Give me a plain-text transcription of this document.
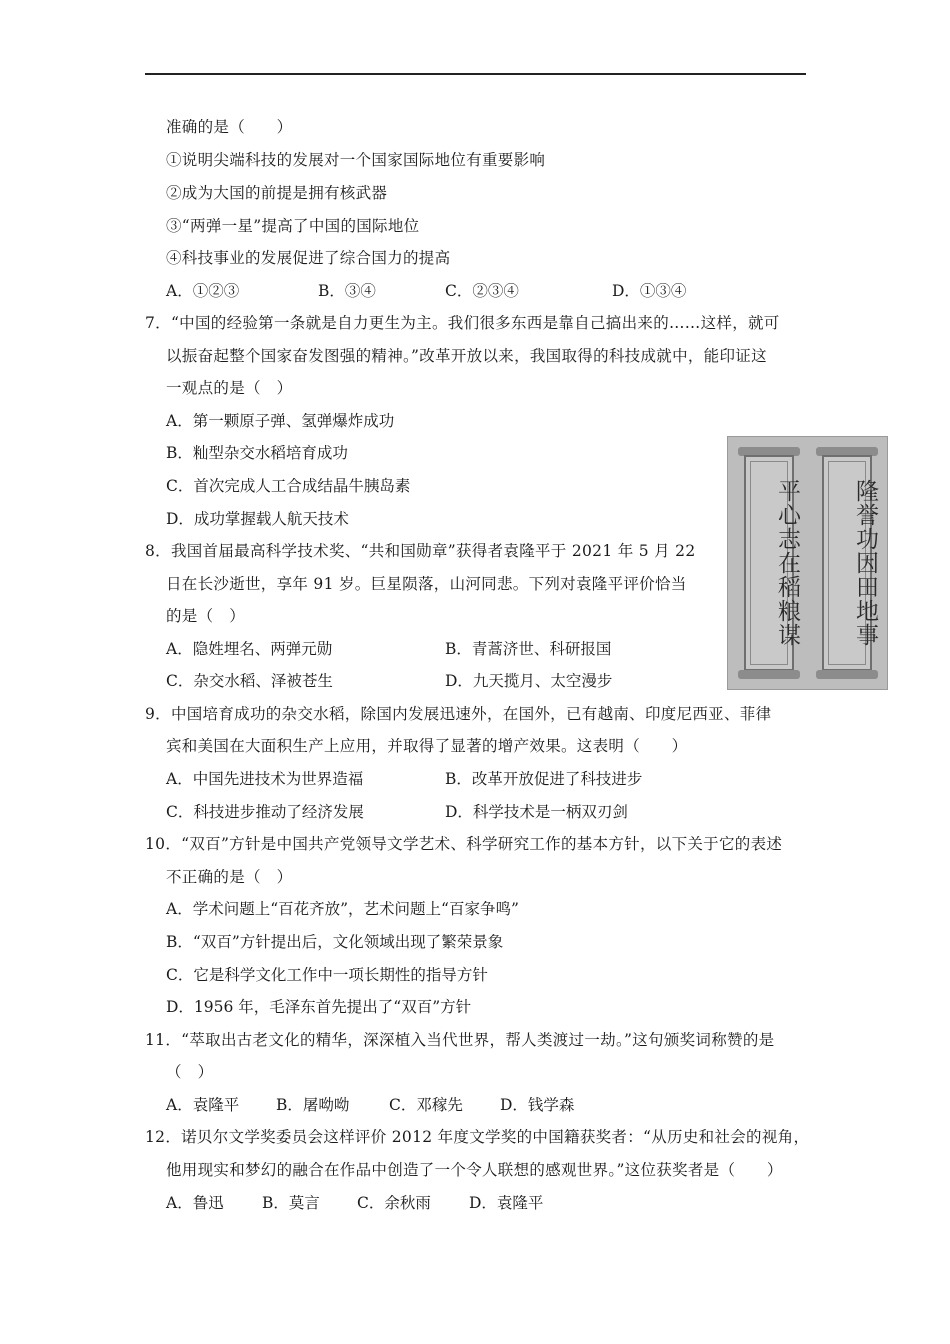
准确的是（　　）
①说明尖端科技的发展对一个国家国际地位有重要影响
②成为大国的前提是拥有核武器
③“两弹一星”提高了中国的国际地位
④科技事业的发展促进了综合国力的提高
A．①②③	B．③④	C．②③④	D．①③④
7．“中国的经验第一条就是自力更生为主。我们很多东西是靠自己搞出来的……这样，就可
以振奋起整个国家奋发图强的精神。”改革开放以来，我国取得的科技成就中，能印证这
一观点的是（　）
A．第一颗原子弹、氢弹爆炸成功
B．籼型杂交水稻培育成功
C．首次完成人工合成结晶牛胰岛素
D．成功掌握载人航天技术
8．我国首届最高科学技术奖、“共和国勋章”获得者袁隆平于 2021 年 5 月 22
日在长沙逝世，享年 91 岁。巨星陨落，山河同悲。下列对袁隆平评价恰当
的是（　）
A．隐姓埋名、两弹元勋	B．青蒿济世、科研报国
C．杂交水稻、泽被苍生	D．九天揽月、太空漫步
平心志在稻粮谋	隆誉功因田地事
9．中国培育成功的杂交水稻，除国内发展迅速外，在国外，已有越南、印度尼西亚、菲律
宾和美国在大面积生产上应用，并取得了显著的增产效果。这表明（　　）
A．中国先进技术为世界造福	B．改革开放促进了科技进步
C．科技进步推动了经济发展	D．科学技术是一柄双刃剑
10．“双百”方针是中国共产党领导文学艺术、科学研究工作的基本方针，以下关于它的表述
不正确的是（　）
A．学术问题上“百花齐放”，艺术问题上“百家争鸣”
B．“双百”方针提出后，文化领域出现了繁荣景象
C．它是科学文化工作中一项长期性的指导方针
D．1956 年，毛泽东首先提出了“双百”方针
11．“萃取出古老文化的精华，深深植入当代世界，帮人类渡过一劫。”这句颁奖词称赞的是
（　）
A．袁隆平 B．屠呦呦	C．邓稼先 D．钱学森
12．诺贝尔文学奖委员会这样评价 2012 年度文学奖的中国籍获奖者：“从历史和社会的视角，
他用现实和梦幻的融合在作品中创造了一个令人联想的感观世界。”这位获奖者是（　　）
A．鲁迅 B．莫言 C．余秋雨 D．袁隆平
